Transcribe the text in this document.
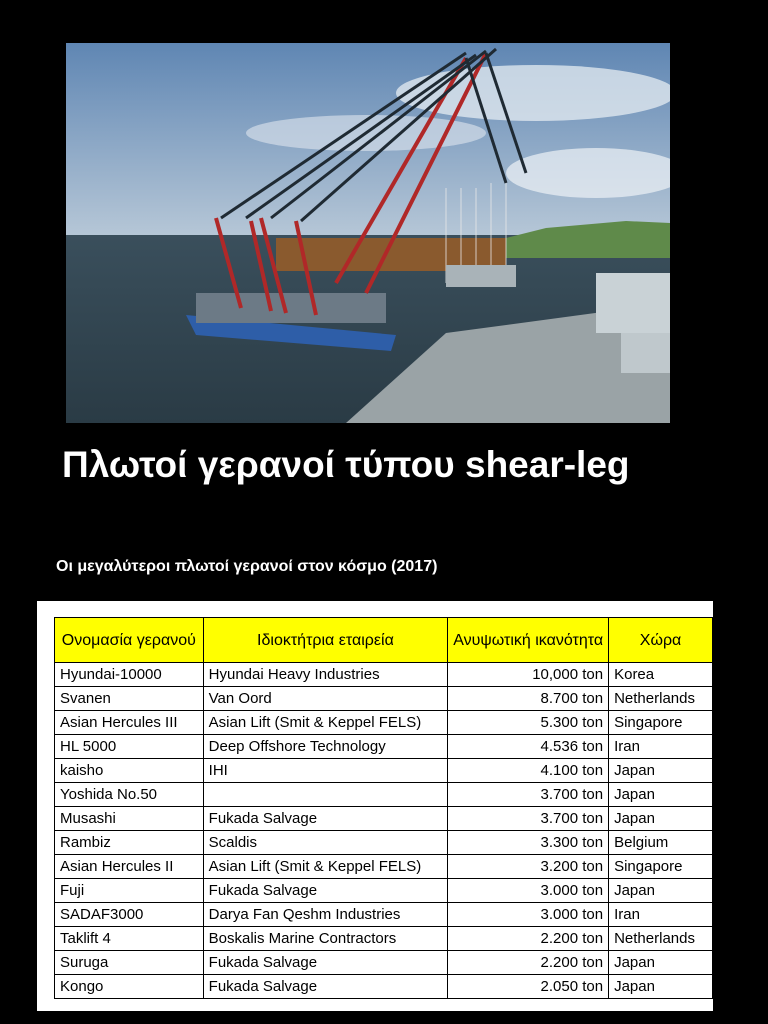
Πλωτοί γερανοί τύπου shear-leg
Οι μεγαλύτεροι πλωτοί γερανοί στον κόσμο (2017)
Ονομασία γερανού	Ιδιοκτήτρια εταιρεία	Ανυψωτική ικανότητα	Χώρα
Hyundai-10000	Hyundai Heavy Industries	10,000 ton	Korea
Svanen	Van Oord	8.700 ton	Netherlands
Asian Hercules III	Asian Lift (Smit & Keppel FELS)	5.300 ton	Singapore
HL 5000	Deep Offshore Technology	4.536 ton	Iran
kaisho	IHI	4.100 ton	Japan
Yoshida No.50		3.700 ton	Japan
Musashi	Fukada Salvage	3.700 ton	Japan
Rambiz	Scaldis	3.300 ton	Belgium
Asian Hercules II	Asian Lift (Smit & Keppel FELS)	3.200 ton	Singapore
Fuji	Fukada Salvage	3.000 ton	Japan
SADAF3000	Darya Fan Qeshm Industries	3.000 ton	Iran
Taklift 4	Boskalis Marine Contractors	2.200 ton	Netherlands
Suruga	Fukada Salvage	2.200 ton	Japan
Kongo	Fukada Salvage	2.050 ton	Japan
